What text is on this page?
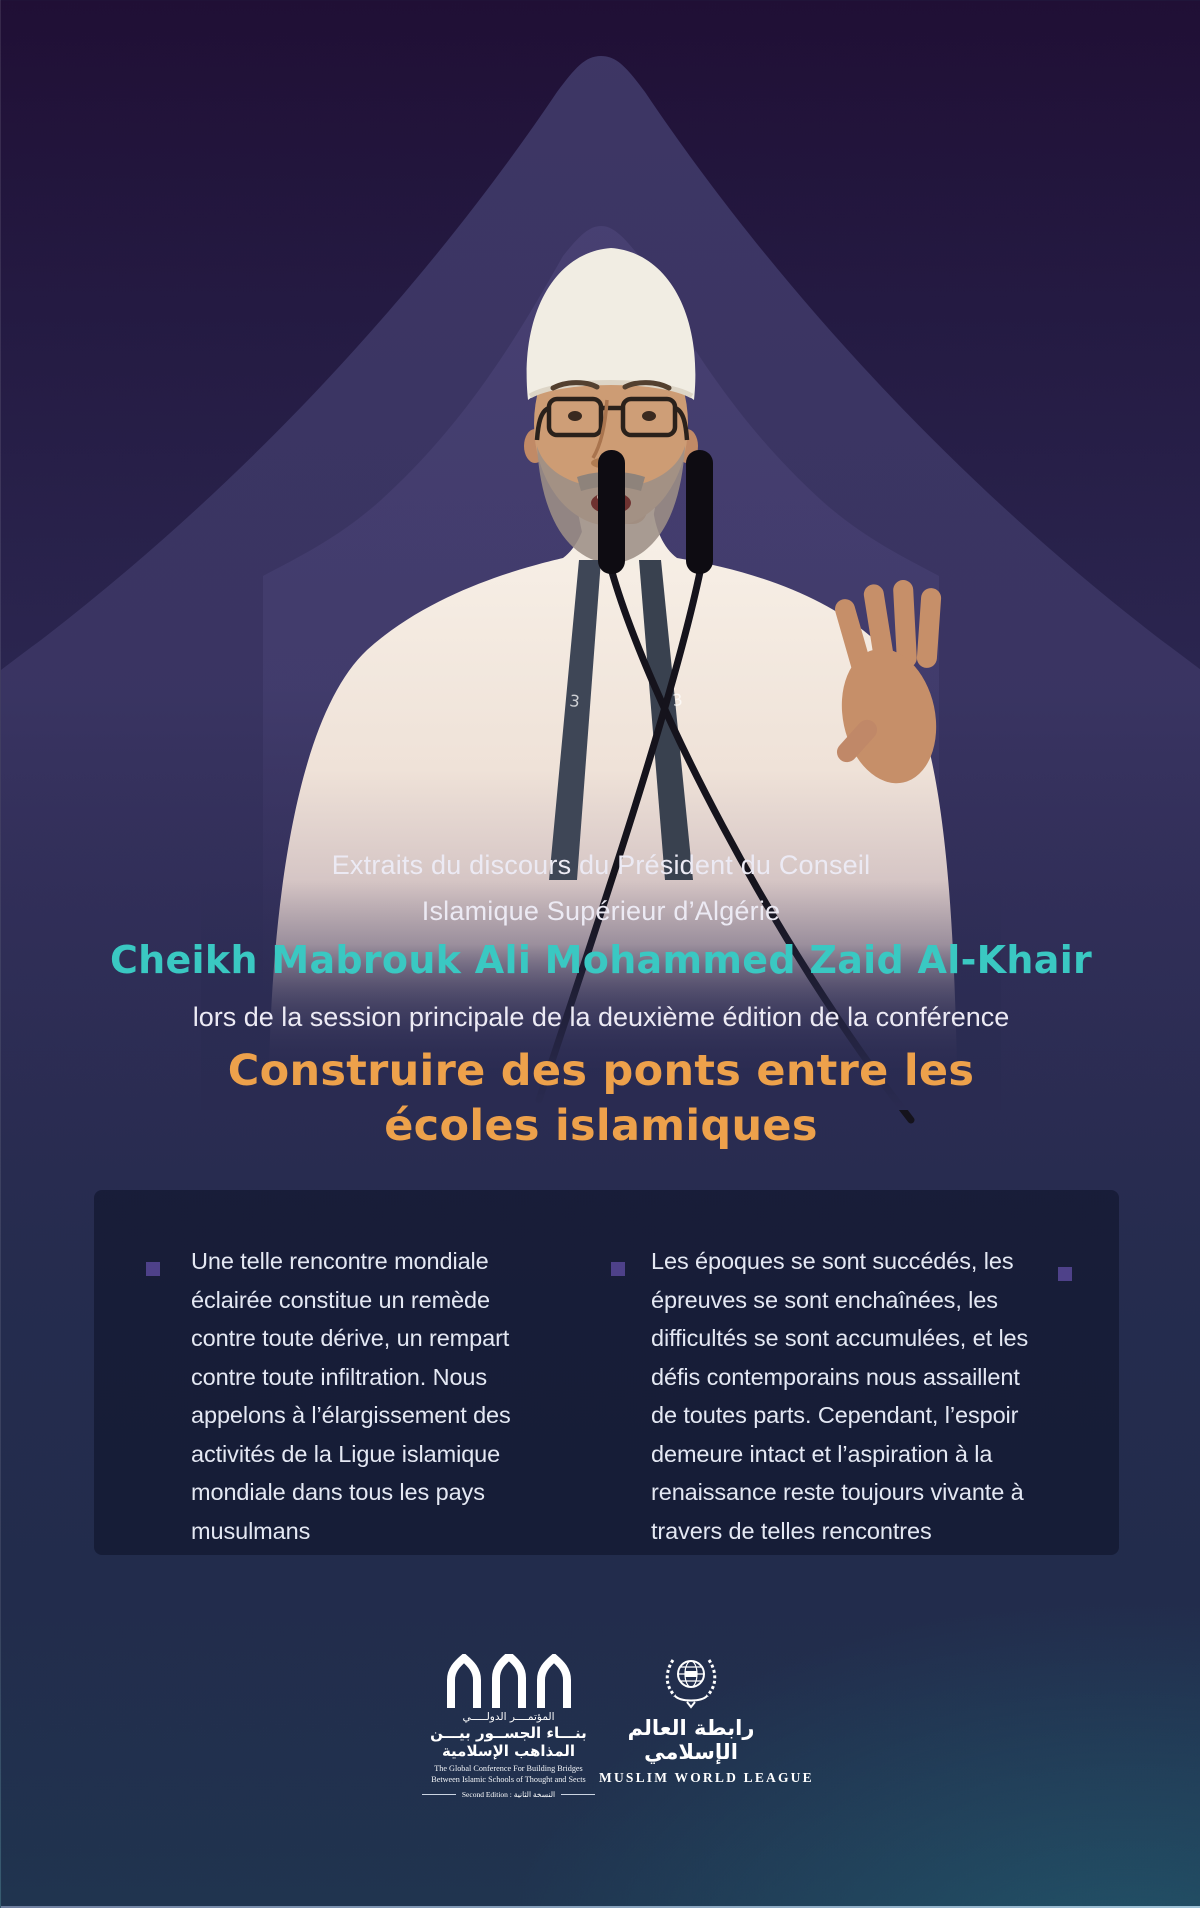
3	3
Extraits du discours du Président du Conseil
Islamique Supérieur d’Algérie
Cheikh Mabrouk Ali Mohammed Zaid Al-Khair
lors de la session principale de la deuxième édition de la conférence
Construire des ponts entre les
écoles islamiques
Une telle rencontre mondiale
éclairée constitue un remède
contre toute dérive, un rempart
contre toute infiltration. Nous
appelons à l’élargissement des
activités de la Ligue islamique
mondiale dans tous les pays
musulmans
Les époques se sont succédés, les
épreuves se sont enchaînées, les
difficultés se sont accumulées, et les
défis contemporains nous assaillent
de toutes parts. Cependant, l’espoir
demeure intact et l’aspiration à la
renaissance reste toujours vivante à
travers de telles rencontres
المؤتمــــر الدولـــــي
بنـــاء الجســور بيـــن
المذاهب الإسلامية
The Global Conference For Building Bridges
Between Islamic Schools of Thought and Sects
Second Edition : النسخة الثانية
رابطة العالم الإسلامي
MUSLIM WORLD LEAGUE
